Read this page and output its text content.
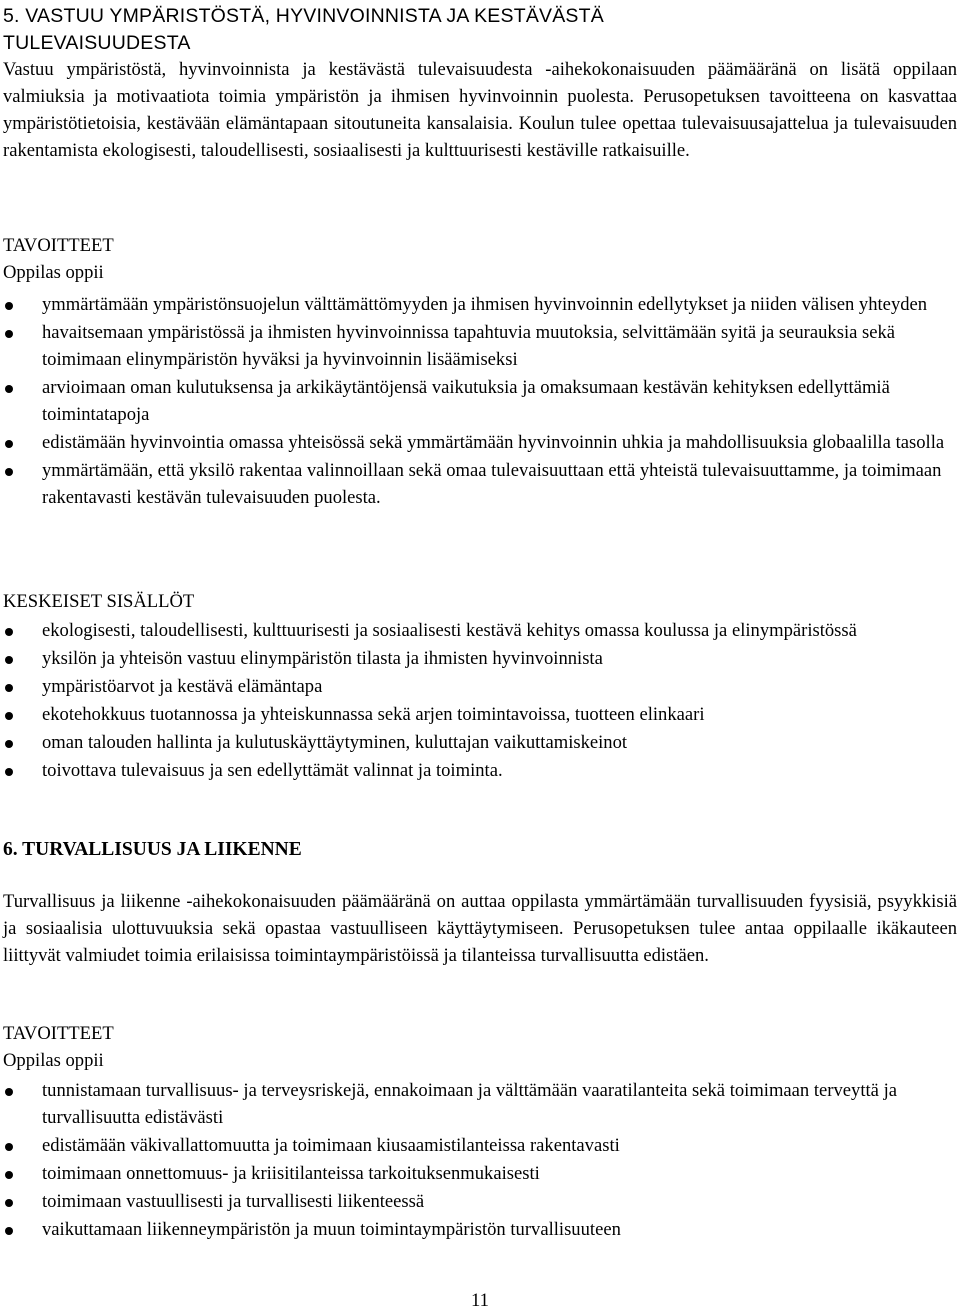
5. VASTUU YMPÄRISTÖSTÄ, HYVINVOINNISTA JA KESTÄVÄSTÄ
TULEVAISUUDESTA

Vastuu ympäristöstä, hyvinvoinnista ja kestävästä tulevaisuudesta -aihekokonaisuuden päämääränä on lisätä oppilaan valmiuksia ja motivaatiota toimia ympäristön ja ihmisen hyvinvoinnin puolesta. Perusopetuksen tavoitteena on kasvattaa ympäristötietoisia, kestävään elämäntapaan sitoutuneita kansalaisia. Koulun tulee opettaa tulevaisuusajattelua ja tulevaisuuden rakentamista ekologisesti, taloudellisesti, sosiaalisesti ja kulttuurisesti kestäville ratkaisuille.

TAVOITTEET

Oppilas oppii

ymmärtämään ympäristönsuojelun välttämättömyyden ja ihmisen hyvinvoinnin edellytykset ja niiden välisen yhteyden
havaitsemaan ympäristössä ja ihmisten hyvinvoinnissa tapahtuvia muutoksia, selvittämään syitä ja seurauksia sekä toimimaan elinympäristön hyväksi ja hyvinvoinnin lisäämiseksi
arvioimaan oman kulutuksensa ja arkikäytäntöjensä vaikutuksia ja omaksumaan kestävän kehityksen edellyttämiä toimintatapoja
edistämään hyvinvointia omassa yhteisössä sekä ymmärtämään hyvinvoinnin uhkia ja mahdollisuuksia globaalilla tasolla
ymmärtämään, että yksilö rakentaa valinnoillaan sekä omaa tulevaisuuttaan että yhteistä tulevaisuuttamme, ja toimimaan rakentavasti kestävän tulevaisuuden puolesta.

KESKEISET SISÄLLÖT

ekologisesti, taloudellisesti, kulttuurisesti ja sosiaalisesti kestävä kehitys omassa koulussa ja elinympäristössä
yksilön ja yhteisön vastuu elinympäristön tilasta ja ihmisten hyvinvoinnista
ympäristöarvot ja kestävä elämäntapa
ekotehokkuus tuotannossa ja yhteiskunnassa sekä arjen toimintavoissa, tuotteen elinkaari
oman talouden hallinta ja kulutuskäyttäytyminen, kuluttajan vaikuttamiskeinot
toivottava tulevaisuus ja sen edellyttämät valinnat ja toiminta.
6. TURVALLISUUS JA LIIKENNE

Turvallisuus ja liikenne -aihekokonaisuuden päämääränä on auttaa oppilasta ymmärtämään turvallisuuden fyysisiä, psyykkisiä ja sosiaalisia ulottuvuuksia sekä opastaa vastuulliseen käyttäytymiseen. Perusopetuksen tulee antaa oppilaalle ikäkauteen liittyvät valmiudet toimia erilaisissa toimintaympäristöissä ja tilanteissa turvallisuutta edistäen.

TAVOITTEET

Oppilas oppii

tunnistamaan turvallisuus- ja terveysriskejä, ennakoimaan ja välttämään vaaratilanteita sekä toimimaan terveyttä ja turvallisuutta edistävästi
edistämään väkivallattomuutta ja toimimaan kiusaamistilanteissa rakentavasti
toimimaan onnettomuus- ja kriisitilanteissa tarkoituksenmukaisesti
toimimaan vastuullisesti ja turvallisesti liikenteessä
vaikuttamaan liikenneympäristön ja muun toimintaympäristön turvallisuuteen

11
